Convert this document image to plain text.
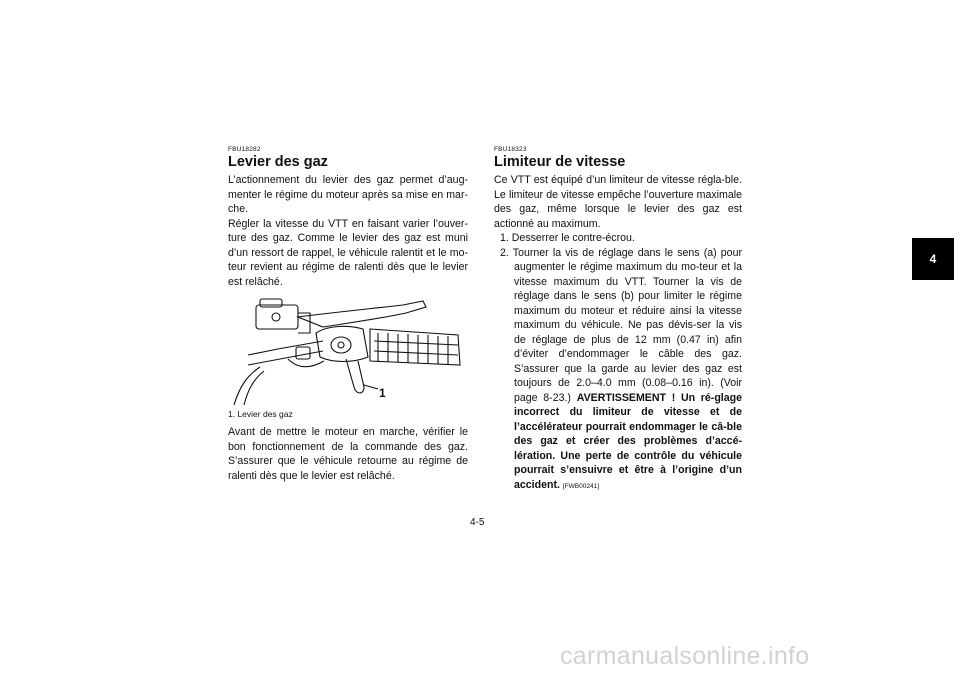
FBU18282
Levier des gaz

L’actionnement du levier des gaz permet d’aug-menter le régime du moteur après sa mise en mar-che.

Régler la vitesse du VTT en faisant varier l’ouver-ture des gaz. Comme le levier des gaz est muni d’un ressort de rappel, le véhicule ralentit et le mo-teur revient au régime de ralenti dès que le levier est relâché.

1
1. Levier des gaz

Avant de mettre le moteur en marche, vérifier le bon fonctionnement de la commande des gaz. S’assurer que le véhicule retourne au régime de ralenti dès que le levier est relâché.

FBU18323
Limiteur de vitesse

Ce VTT est équipé d’un limiteur de vitesse régla-ble. Le limiteur de vitesse empêche l’ouverture maximale des gaz, même lorsque le levier des gaz est actionné au maximum.

1. Desserrer le contre-écrou.
2. Tourner la vis de réglage dans le sens (a) pour augmenter le régime maximum du mo-teur et la vitesse maximum du VTT. Tourner la vis de réglage dans le sens (b) pour limiter le régime maximum du moteur et réduire ainsi la vitesse maximum du véhicule. Ne pas dévis-ser la vis de réglage de plus de 12 mm (0.47 in) afin d’éviter d’endommager le câble des gaz. S’assurer que la garde au levier des gaz est toujours de 2.0–4.0 mm (0.08–0.16 in). (Voir page 8-23.) AVERTISSEMENT ! Un ré-glage incorrect du limiteur de vitesse et de l’accélérateur pourrait endommager le câ-ble des gaz et créer des problèmes d’accé-lération. Une perte de contrôle du véhicule pourrait s’ensuivre et être à l’origine d’un accident. [FWB00241]
4
4-5
carmanualsonline.info
